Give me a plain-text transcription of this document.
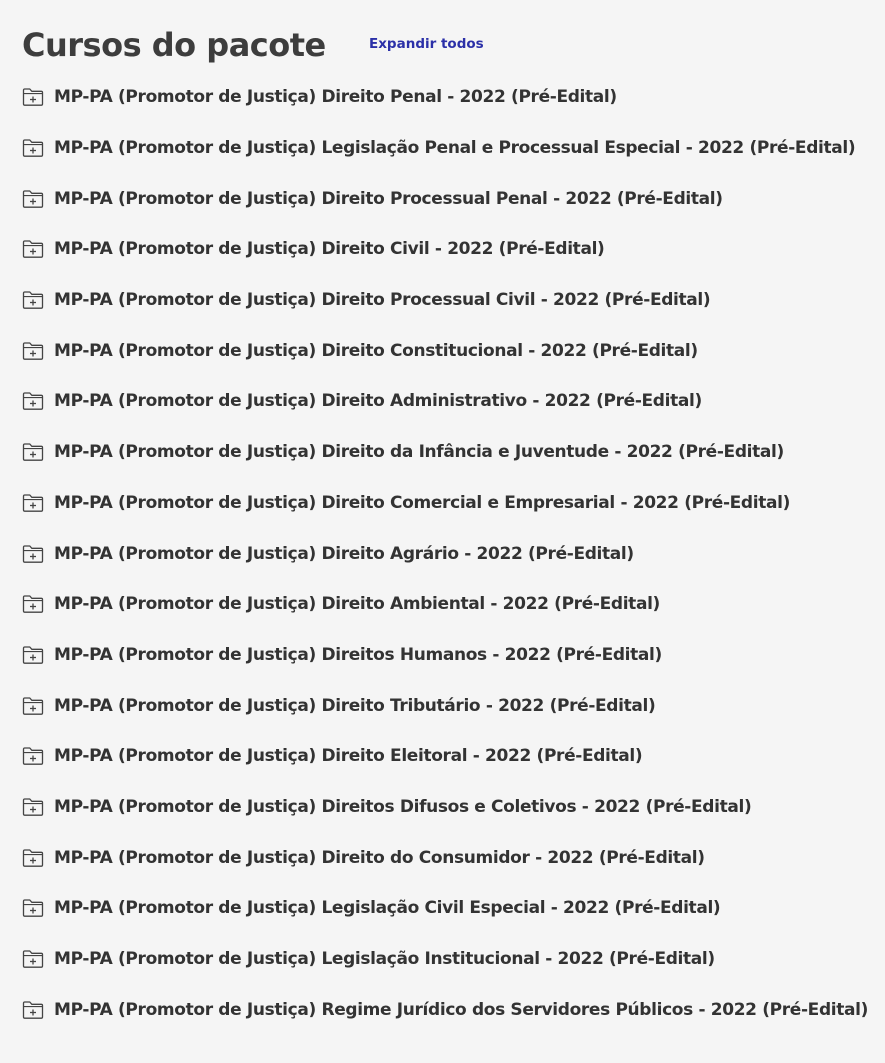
Cursos do pacote	Expandir todos
MP-PA (Promotor de Justiça) Direito Penal - 2022 (Pré-Edital)
MP-PA (Promotor de Justiça) Legislação Penal e Processual Especial - 2022 (Pré-Edital)
MP-PA (Promotor de Justiça) Direito Processual Penal - 2022 (Pré-Edital)
MP-PA (Promotor de Justiça) Direito Civil - 2022 (Pré-Edital)
MP-PA (Promotor de Justiça) Direito Processual Civil - 2022 (Pré-Edital)
MP-PA (Promotor de Justiça) Direito Constitucional - 2022 (Pré-Edital)
MP-PA (Promotor de Justiça) Direito Administrativo - 2022 (Pré-Edital)
MP-PA (Promotor de Justiça) Direito da Infância e Juventude - 2022 (Pré-Edital)
MP-PA (Promotor de Justiça) Direito Comercial e Empresarial - 2022 (Pré-Edital)
MP-PA (Promotor de Justiça) Direito Agrário - 2022 (Pré-Edital)
MP-PA (Promotor de Justiça) Direito Ambiental - 2022 (Pré-Edital)
MP-PA (Promotor de Justiça) Direitos Humanos - 2022 (Pré-Edital)
MP-PA (Promotor de Justiça) Direito Tributário - 2022 (Pré-Edital)
MP-PA (Promotor de Justiça) Direito Eleitoral - 2022 (Pré-Edital)
MP-PA (Promotor de Justiça) Direitos Difusos e Coletivos - 2022 (Pré-Edital)
MP-PA (Promotor de Justiça) Direito do Consumidor - 2022 (Pré-Edital)
MP-PA (Promotor de Justiça) Legislação Civil Especial - 2022 (Pré-Edital)
MP-PA (Promotor de Justiça) Legislação Institucional - 2022 (Pré-Edital)
MP-PA (Promotor de Justiça) Regime Jurídico dos Servidores Públicos - 2022 (Pré-Edital)
